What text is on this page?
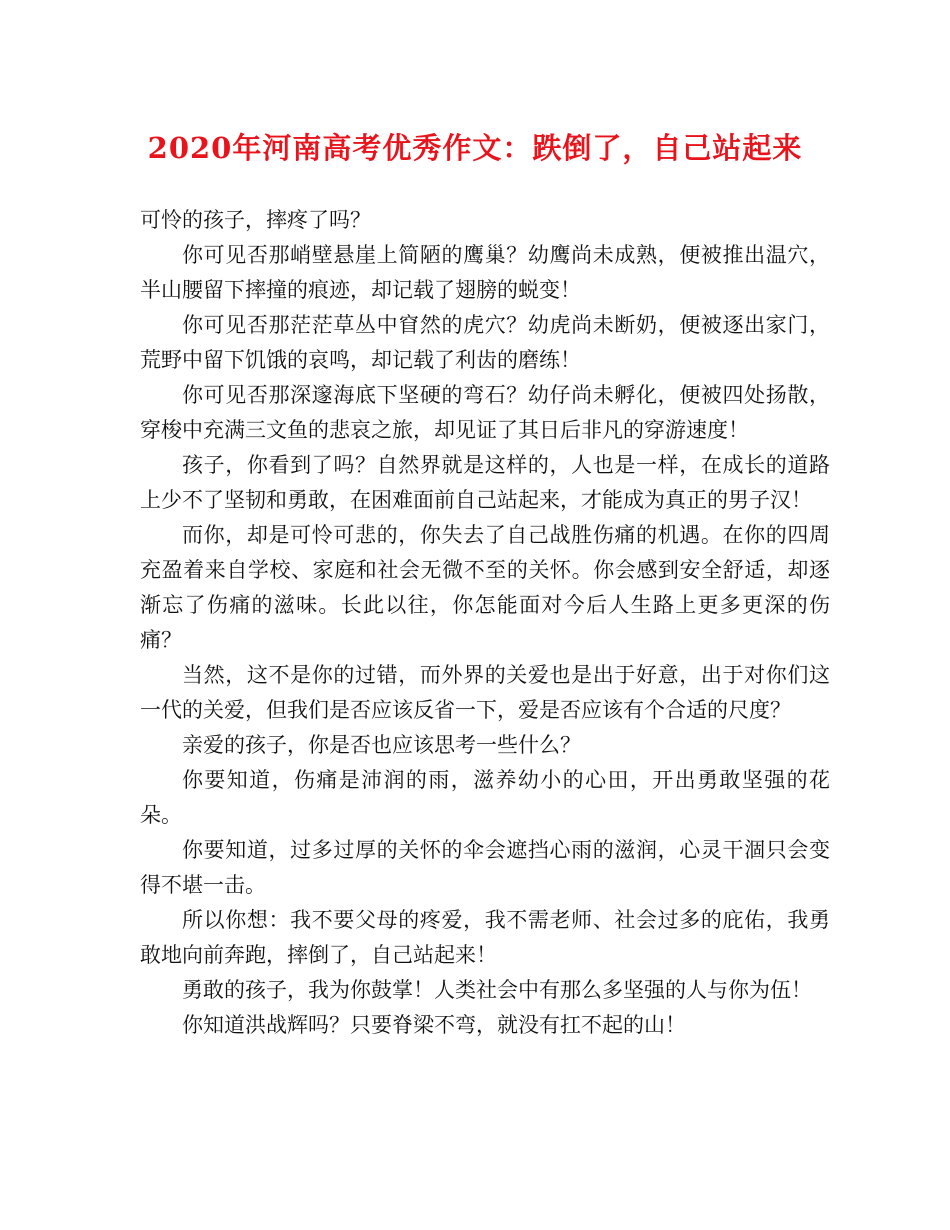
2020年河南高考优秀作文：跌倒了，自己站起来

可怜的孩子，摔疼了吗？

你可见否那峭壁悬崖上简陋的鹰巢？幼鹰尚未成熟，便被推出温穴，半山腰留下摔撞的痕迹，却记载了翅膀的蜕变！

你可见否那茫茫草丛中窅然的虎穴？幼虎尚未断奶，便被逐出家门，荒野中留下饥饿的哀鸣，却记载了利齿的磨练！

你可见否那深邃海底下坚硬的弯石？幼仔尚未孵化，便被四处扬散，穿梭中充满三文鱼的悲哀之旅，却见证了其日后非凡的穿游速度！

孩子，你看到了吗？自然界就是这样的，人也是一样，在成长的道路上少不了坚韧和勇敢，在困难面前自己站起来，才能成为真正的男子汉！

而你，却是可怜可悲的，你失去了自己战胜伤痛的机遇。在你的四周充盈着来自学校、家庭和社会无微不至的关怀。你会感到安全舒适，却逐渐忘了伤痛的滋味。长此以往，你怎能面对今后人生路上更多更深的伤痛？

当然，这不是你的过错，而外界的关爱也是出于好意，出于对你们这一代的关爱，但我们是否应该反省一下，爱是否应该有个合适的尺度？

亲爱的孩子，你是否也应该思考一些什么？

你要知道，伤痛是沛润的雨，滋养幼小的心田，开出勇敢坚强的花朵。

你要知道，过多过厚的关怀的伞会遮挡心雨的滋润，心灵干涸只会变得不堪一击。

所以你想：我不要父母的疼爱，我不需老师、社会过多的庇佑，我勇敢地向前奔跑，摔倒了，自己站起来！

勇敢的孩子，我为你鼓掌！人类社会中有那么多坚强的人与你为伍！

你知道洪战辉吗？只要脊梁不弯，就没有扛不起的山！
